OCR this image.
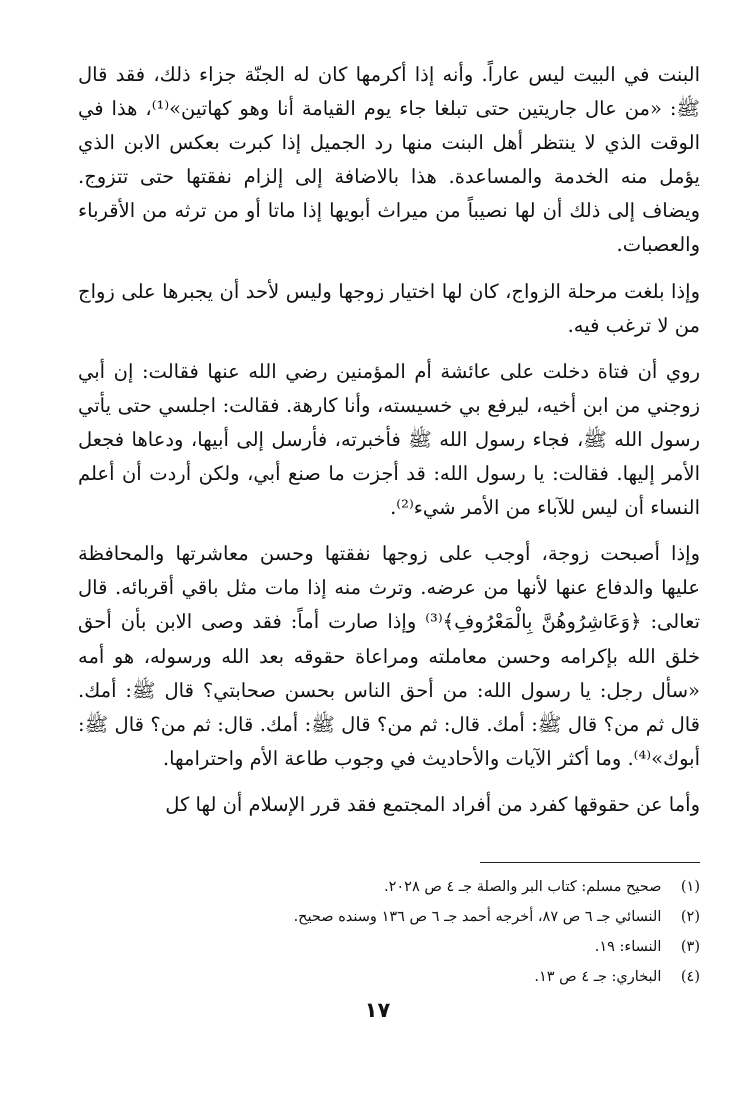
البنت في البيت ليس عاراً. وأنه إذا أكرمها كان له الجنّة جزاء ذلك، فقد قال ﷺ: «من عال جاريتين حتى تبلغا جاء يوم القيامة أنا وهو كهاتين»⁽¹⁾، هذا في الوقت الذي لا ينتظر أهل البنت منها رد الجميل إذا كبرت بعكس الابن الذي يؤمل منه الخدمة والمساعدة. هذا بالاضافة إلى إلزام نفقتها حتى تتزوج. ويضاف إلى ذلك أن لها نصيباً من ميراث أبويها إذا ماتا أو من ترثه من الأقرباء والعصبات.

وإذا بلغت مرحلة الزواج، كان لها اختيار زوجها وليس لأحد أن يجبرها على زواج من لا ترغب فيه.

روي أن فتاة دخلت على عائشة أم المؤمنين رضي الله عنها فقالت: إن أبي زوجني من ابن أخيه، ليرفع بي خسيسته، وأنا كارهة. فقالت: اجلسي حتى يأتي رسول الله ﷺ، فجاء رسول الله ﷺ فأخبرته، فأرسل إلى أبيها، ودعاها فجعل الأمر إليها. فقالت: يا رسول الله: قد أجزت ما صنع أبي، ولكن أردت أن أعلم النساء أن ليس للآباء من الأمر شيء⁽²⁾.

وإذا أصبحت زوجة، أوجب على زوجها نفقتها وحسن معاشرتها والمحافظة عليها والدفاع عنها لأنها من عرضه. وترث منه إذا مات مثل باقي أقربائه. قال تعالى: ﴿وَعَاشِرُوهُنَّ بِالْمَعْرُوفِ﴾⁽³⁾ وإذا صارت أماً: فقد وصى الابن بأن أحق خلق الله بإكرامه وحسن معاملته ومراعاة حقوقه بعد الله ورسوله، هو أمه «سأل رجل: يا رسول الله: من أحق الناس بحسن صحابتي؟ قال ﷺ: أمك. قال ثم من؟ قال ﷺ: أمك. قال: ثم من؟ قال ﷺ: أمك. قال: ثم من؟ قال ﷺ: أبوك»⁽⁴⁾. وما أكثر الآيات والأحاديث في وجوب طاعة الأم واحترامها.

وأما عن حقوقها كفرد من أفراد المجتمع فقد قرر الإسلام أن لها كل

(١) صحيح مسلم: كتاب البر والصلة جـ ٤ ص ٢٠٢٨.
(٢) النسائي جـ ٦ ص ٨٧، أخرجه أحمد جـ ٦ ص ١٣٦ وسنده صحيح.
(٣) النساء: ١٩.
(٤) البخاري: جـ ٤ ص ١٣.
١٧
